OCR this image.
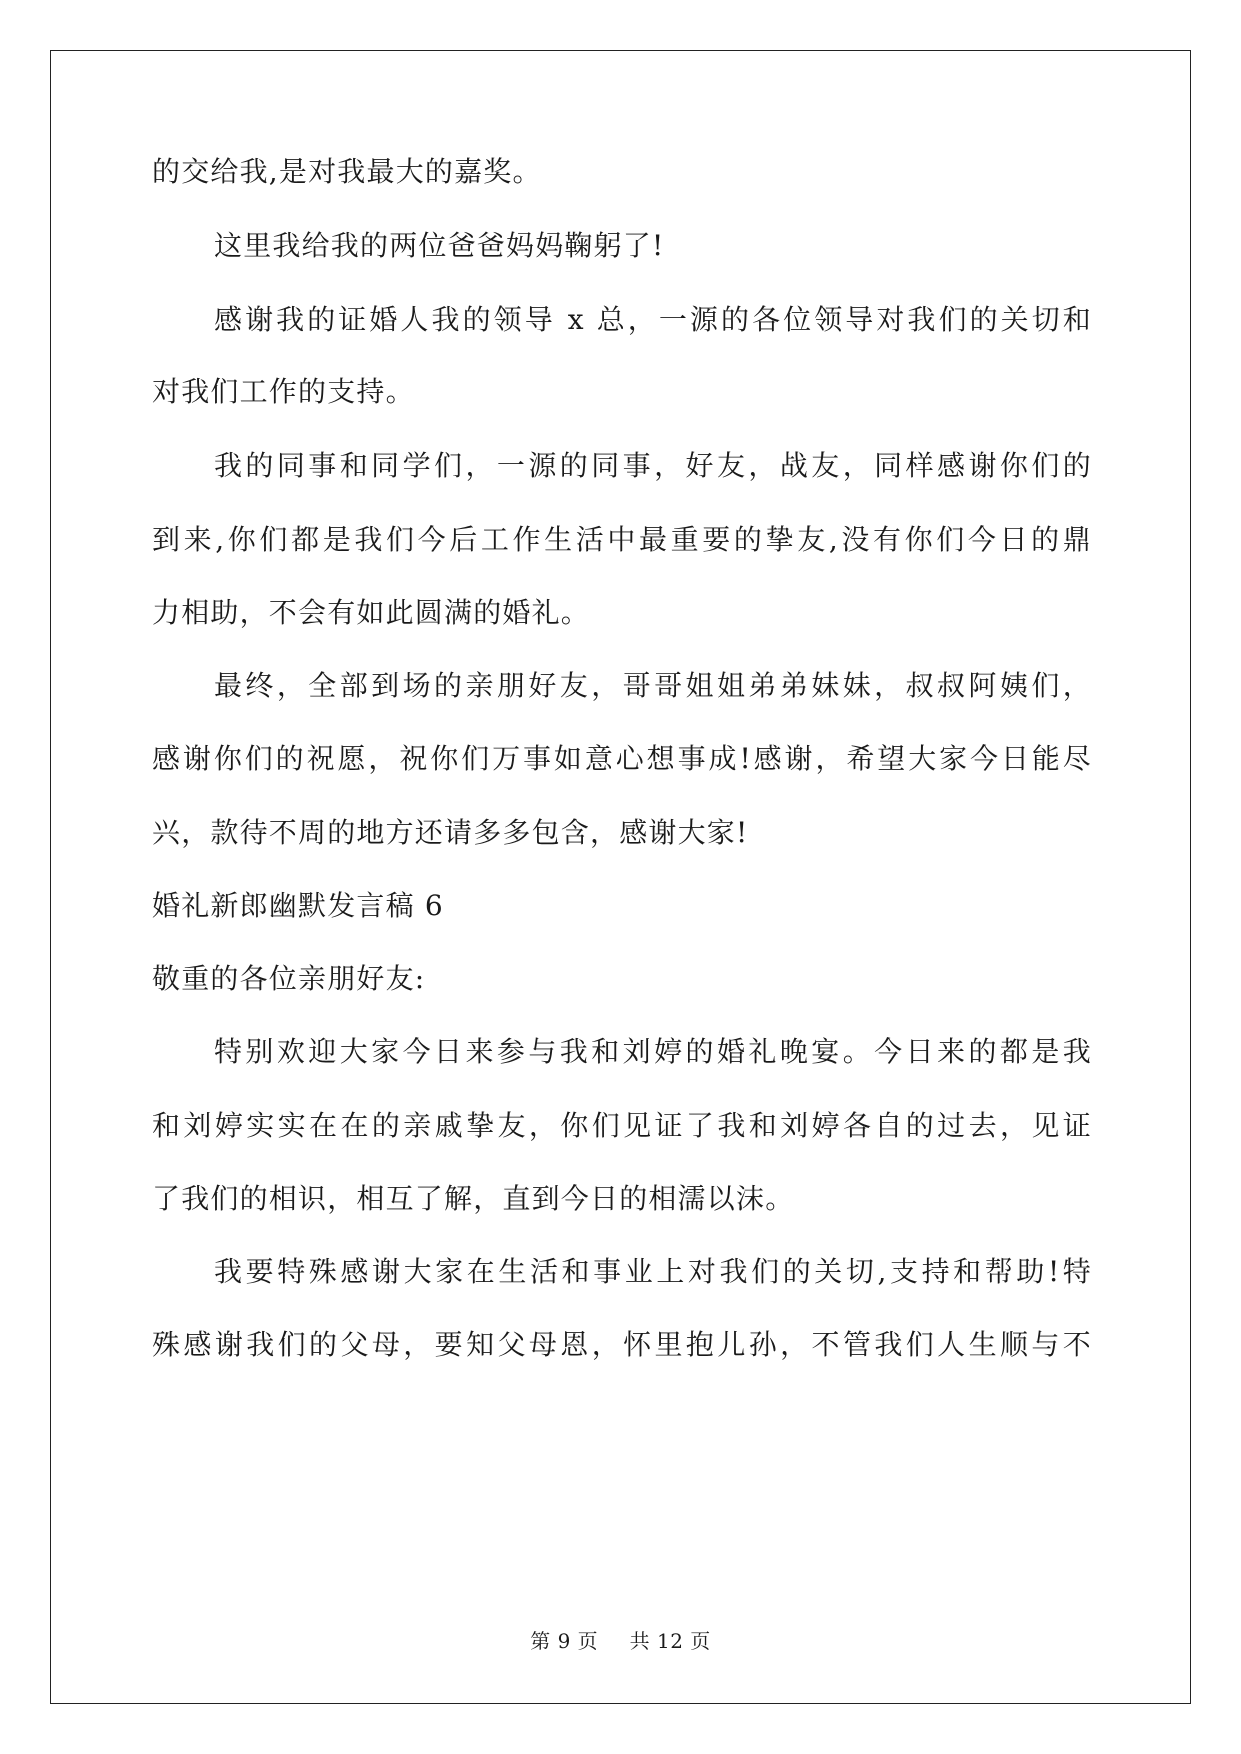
的交给我,是对我最大的嘉奖。
这里我给我的两位爸爸妈妈鞠躬了!
感谢我的证婚人我的领导 x 总，一源的各位领导对我们的关切和
对我们工作的支持。
我的同事和同学们，一源的同事，好友，战友，同样感谢你们的
到来,你们都是我们今后工作生活中最重要的挚友,没有你们今日的鼎
力相助，不会有如此圆满的婚礼。
最终，全部到场的亲朋好友，哥哥姐姐弟弟妹妹，叔叔阿姨们，
感谢你们的祝愿，祝你们万事如意心想事成!感谢，希望大家今日能尽
兴，款待不周的地方还请多多包含，感谢大家!
婚礼新郎幽默发言稿 6
敬重的各位亲朋好友:
特别欢迎大家今日来参与我和刘婷的婚礼晚宴。今日来的都是我
和刘婷实实在在的亲戚挚友，你们见证了我和刘婷各自的过去，见证
了我们的相识，相互了解，直到今日的相濡以沫。
我要特殊感谢大家在生活和事业上对我们的关切,支持和帮助!特
殊感谢我们的父母，要知父母恩，怀里抱儿孙，不管我们人生顺与不
第 9 页 共 12 页
